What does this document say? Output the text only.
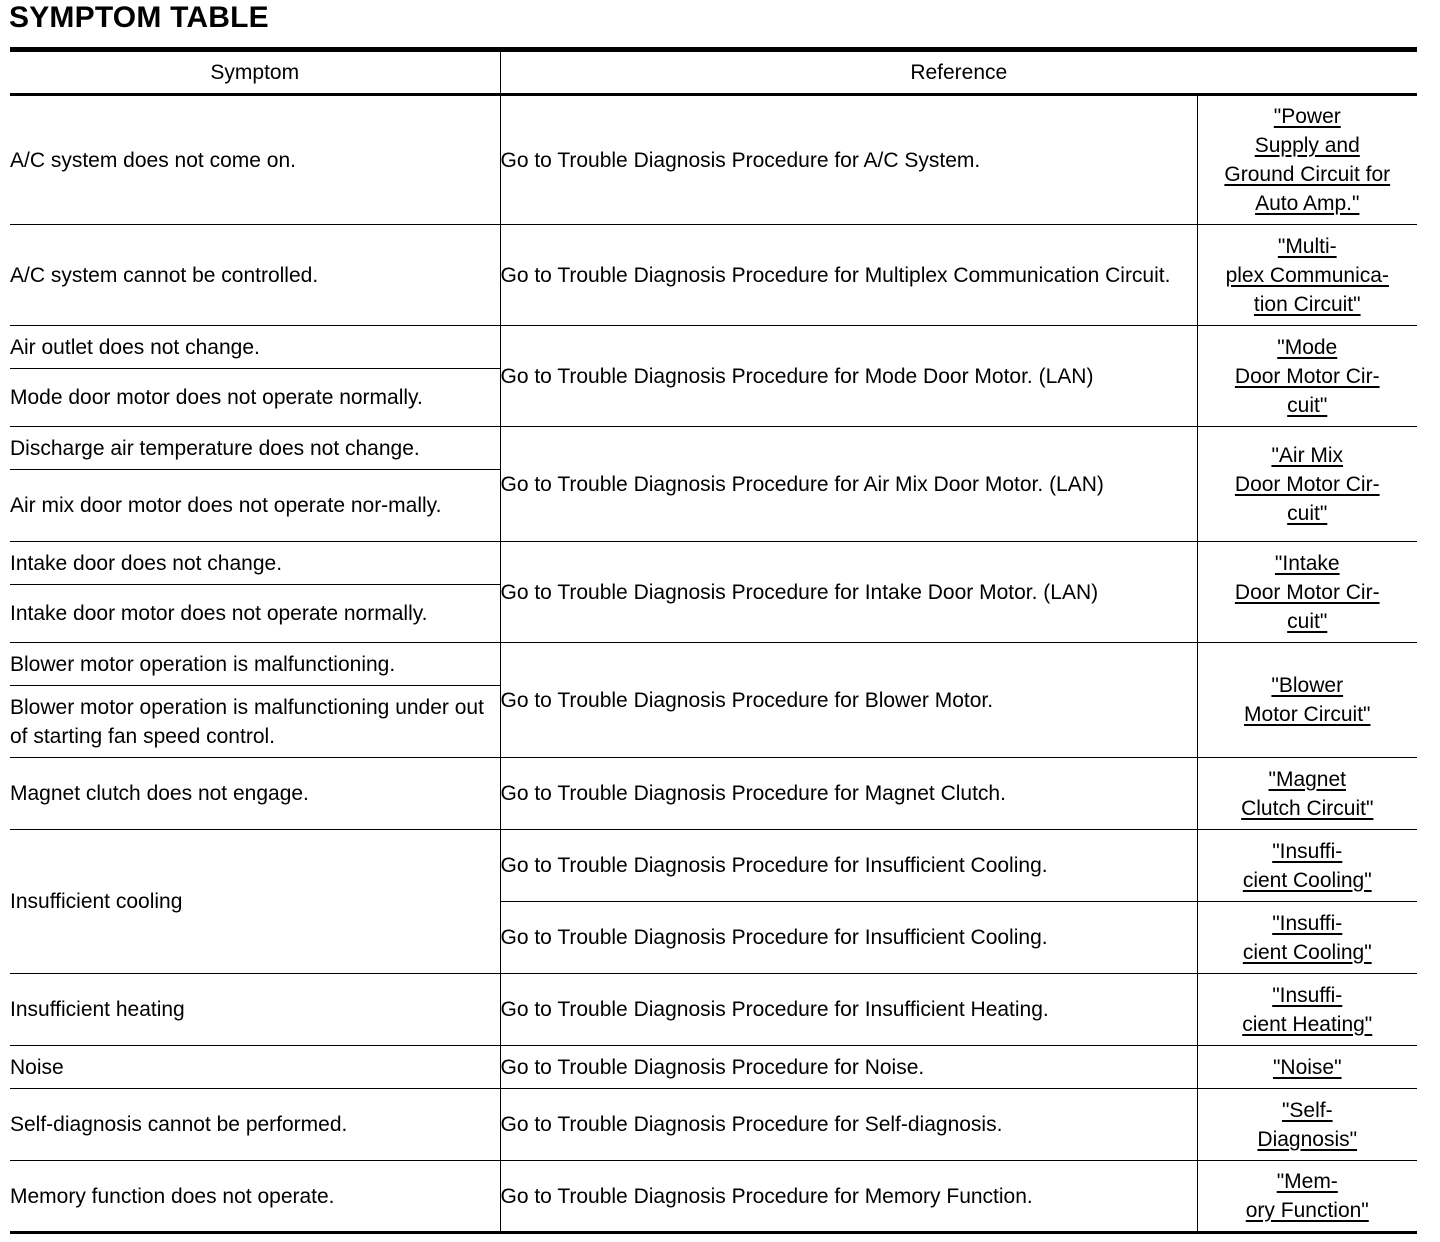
SYMPTOM TABLE
Symptom	Reference	
A/C system does not come on.	Go to Trouble Diagnosis Procedure for A/C System.	"Power
Supply and
Ground Circuit for
Auto Amp."
A/C system cannot be controlled.	Go to Trouble Diagnosis Procedure for Multiplex Communication Circuit.	"Multi-
plex Communica-
tion Circuit"
Air outlet does not change.	Go to Trouble Diagnosis Procedure for Mode Door Motor. (LAN)	"Mode
Door Motor Cir-
cuit"
Mode door motor does not operate normally.		
Discharge air temperature does not change.	Go to Trouble Diagnosis Procedure for Air Mix Door Motor. (LAN)	"Air Mix
Door Motor Cir-
cuit"
Air mix door motor does not operate nor-mally.		
Intake door does not change.	Go to Trouble Diagnosis Procedure for Intake Door Motor. (LAN)	"Intake
Door Motor Cir-
cuit"
Intake door motor does not operate normally.		
Blower motor operation is malfunctioning.	Go to Trouble Diagnosis Procedure for Blower Motor.	"Blower
Motor Circuit"
Blower motor operation is malfunctioning under out of starting fan speed control.		
Magnet clutch does not engage.	Go to Trouble Diagnosis Procedure for Magnet Clutch.	"Magnet
Clutch Circuit"
Insufficient cooling	Go to Trouble Diagnosis Procedure for Insufficient Cooling.	"Insuffi-
cient Cooling"
	Go to Trouble Diagnosis Procedure for Insufficient Cooling.	"Insuffi-
cient Cooling"
Insufficient heating	Go to Trouble Diagnosis Procedure for Insufficient Heating.	"Insuffi-
cient Heating"
Noise	Go to Trouble Diagnosis Procedure for Noise.	"Noise"
Self-diagnosis cannot be performed.	Go to Trouble Diagnosis Procedure for Self-diagnosis.	"Self-
Diagnosis"
Memory function does not operate.	Go to Trouble Diagnosis Procedure for Memory Function.	"Mem-
ory Function"
